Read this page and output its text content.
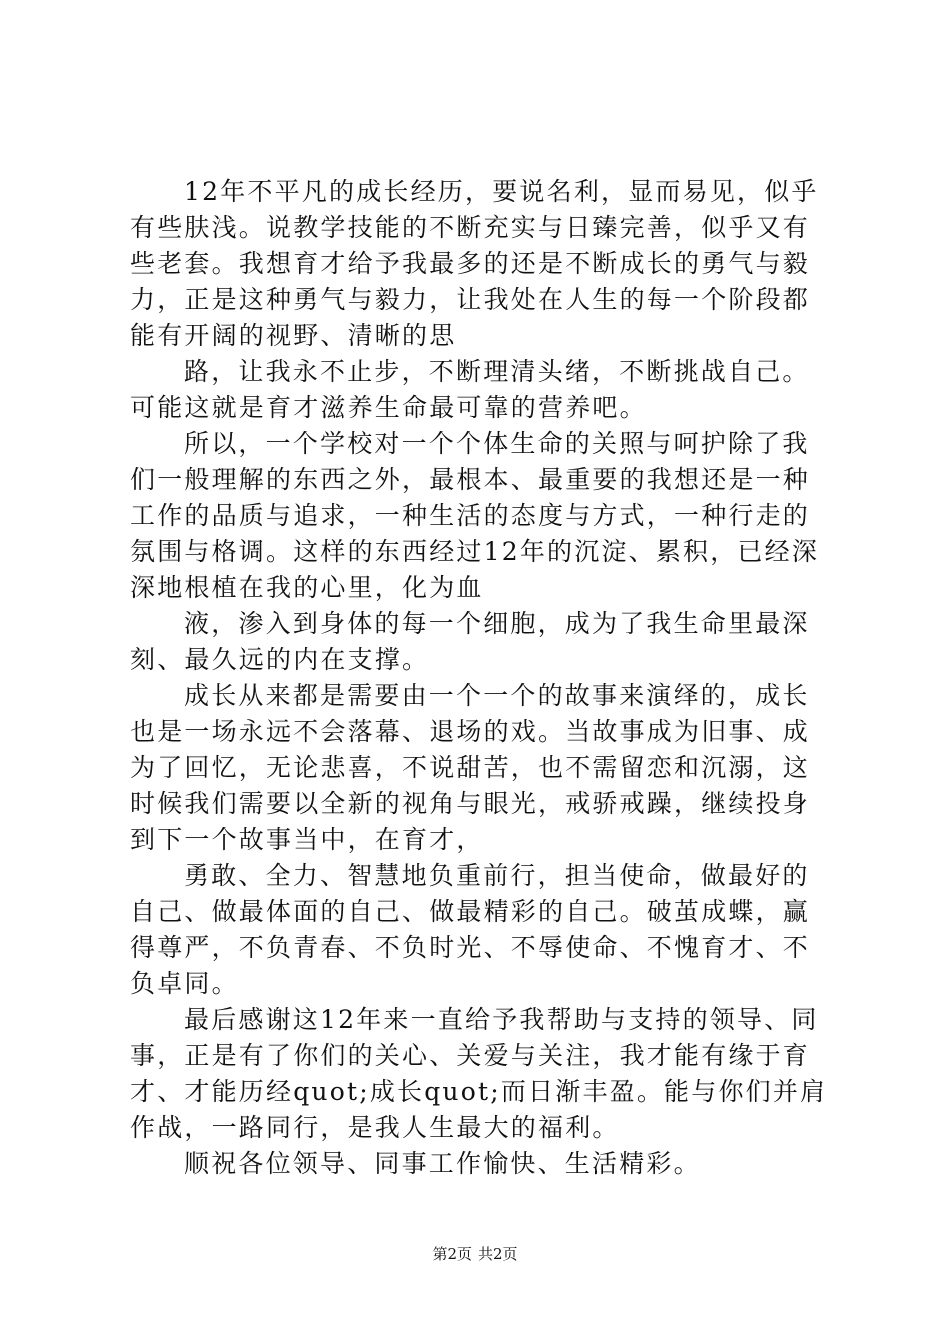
12年不平凡的成长经历，要说名利，显而易见，似乎有些肤浅。说教学技能的不断充实与日臻完善，似乎又有些老套。我想育才给予我最多的还是不断成长的勇气与毅力，正是这种勇气与毅力，让我处在人生的每一个阶段都能有开阔的视野、清晰的思

路，让我永不止步，不断理清头绪，不断挑战自己。可能这就是育才滋养生命最可靠的营养吧。

所以，一个学校对一个个体生命的关照与呵护除了我们一般理解的东西之外，最根本、最重要的我想还是一种工作的品质与追求，一种生活的态度与方式，一种行走的氛围与格调。这样的东西经过12年的沉淀、累积，已经深深地根植在我的心里，化为血

液，渗入到身体的每一个细胞，成为了我生命里最深刻、最久远的内在支撑。

成长从来都是需要由一个一个的故事来演绎的，成长也是一场永远不会落幕、退场的戏。当故事成为旧事、成为了回忆，无论悲喜，不说甜苦，也不需留恋和沉溺，这时候我们需要以全新的视角与眼光，戒骄戒躁，继续投身到下一个故事当中，在育才，

勇敢、全力、智慧地负重前行，担当使命，做最好的自己、做最体面的自己、做最精彩的自己。破茧成蝶，赢得尊严，不负青春、不负时光、不辱使命、不愧育才、不负卓同。

最后感谢这12年来一直给予我帮助与支持的领导、同事，正是有了你们的关心、关爱与关注，我才能有缘于育才、才能历经quot;成长quot;而日渐丰盈。能与你们并肩作战，一路同行，是我人生最大的福利。

顺祝各位领导、同事工作愉快、生活精彩。

第2页 共2页
